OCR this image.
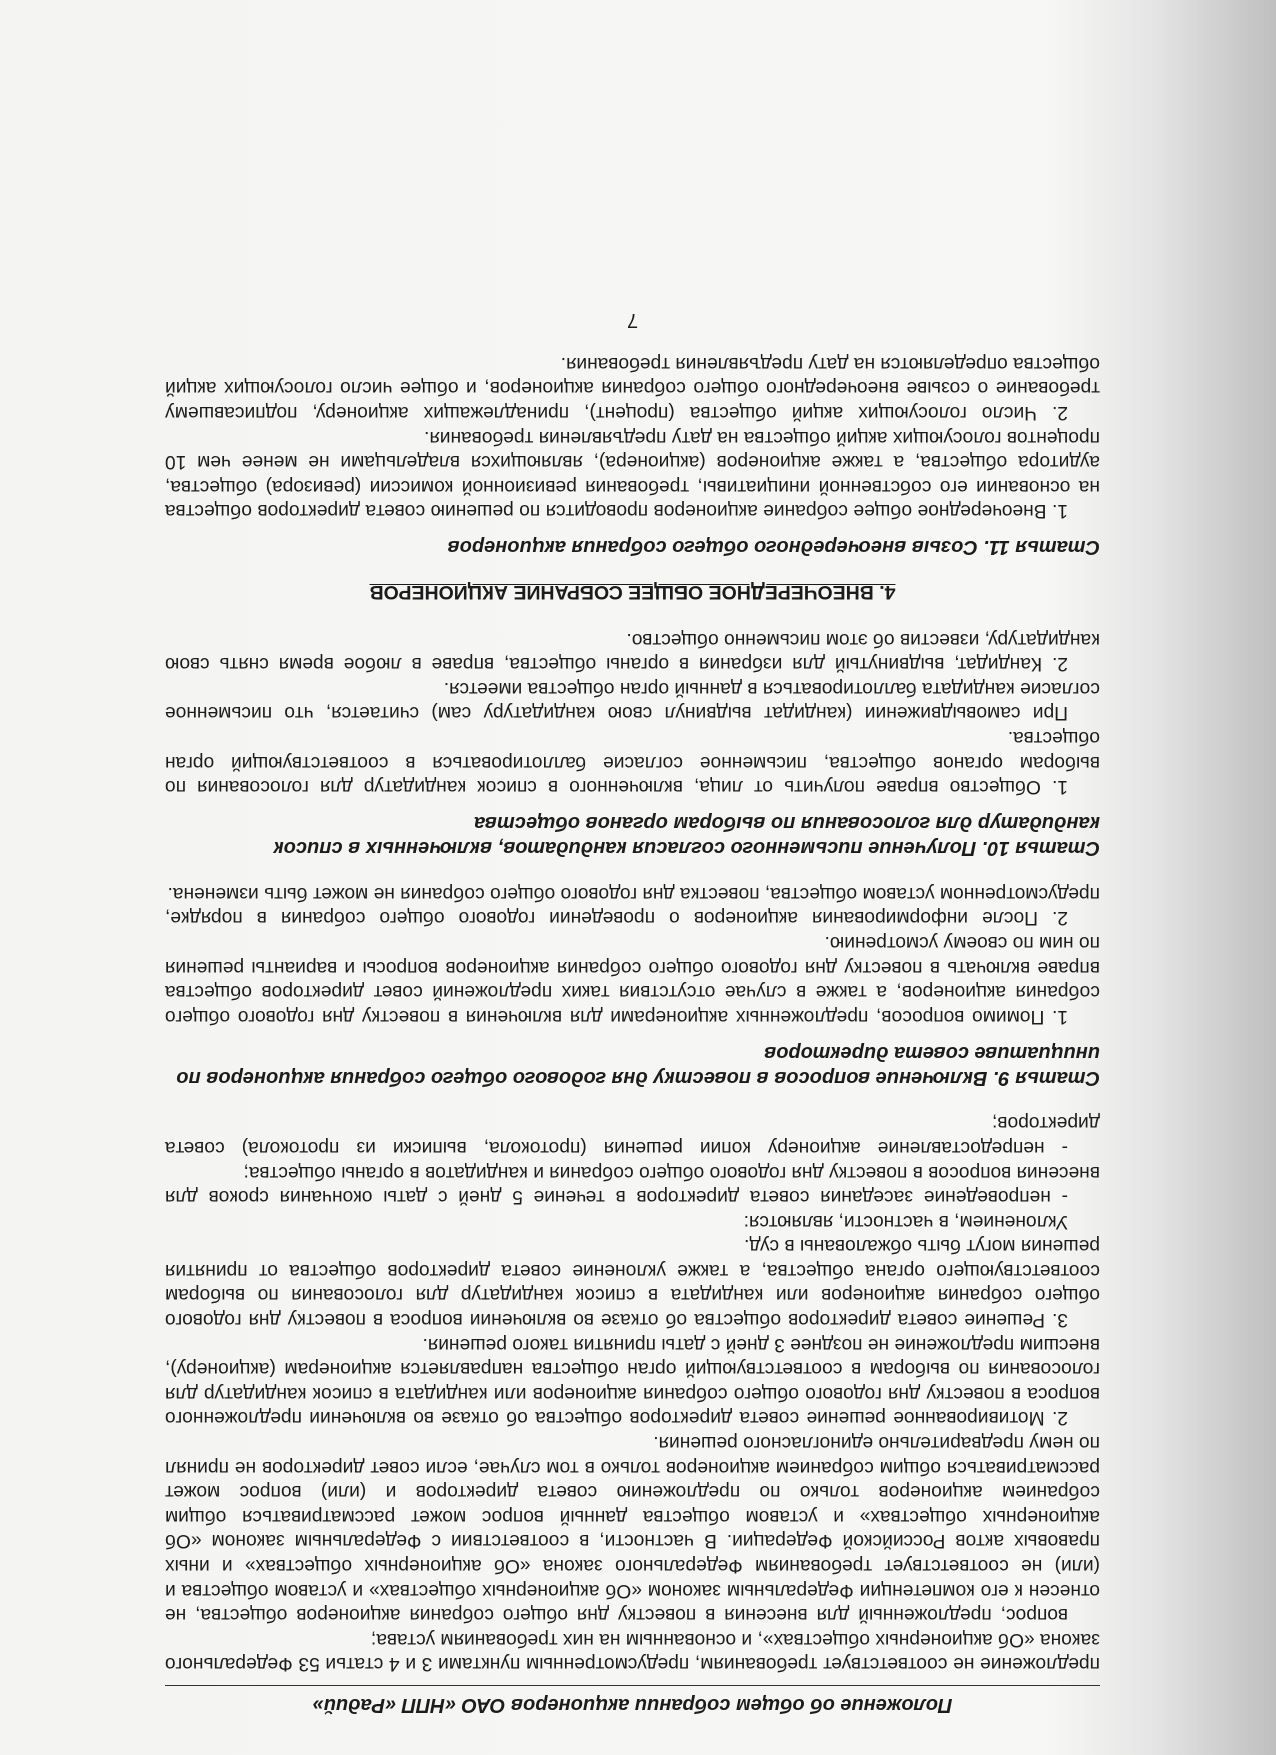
Положение об общем собрании акционеров ОАО «НПП «Радий»

предложение не соответствует требованиям, предусмотренным пунктами 3 и 4 статьи 53 Федерального закона «Об акционерных обществах», и основанным на них требованиям устава;

вопрос, предложенный для внесения в повестку дня общего собрания акционеров общества, не отнесен к его компетенции Федеральным законом «Об акционерных обществах» и уставом общества и (или) не соответствует требованиям Федерального закона «Об акционерных обществах» и иных правовых актов Российской Федерации. В частности, в соответствии с Федеральным законом «Об акционерных обществах» и уставом общества данный вопрос может рассматриваться общим собранием акционеров только по предложению совета директоров и (или) вопрос может рассматриваться общим собранием акционеров только в том случае, если совет директоров не принял по нему предварительно единогласного решения.

2. Мотивированное решение совета директоров общества об отказе во включении предложенного вопроса в повестку дня годового общего собрания акционеров или кандидата в список кандидатур для голосования по выборам в соответствующий орган общества направляется акционерам (акционеру), внесшим предложение не позднее 3 дней с даты принятия такого решения.

3. Решение совета директоров общества об отказе во включении вопроса в повестку дня годового общего собрания акционеров или кандидата в список кандидатур для голосования по выборам соответствующего органа общества, а также уклонение совета директоров общества от принятия решения могут быть обжалованы в суд.

Уклонением, в частности, являются:

- непроведение заседания совета директоров в течение 5 дней с даты окончания сроков для внесения вопросов в повестку дня годового общего собрания и кандидатов в органы общества;

- непредоставление акционеру копии решения (протокола, выписки из протокола) совета директоров;

Статья 9. Включение вопросов в повестку дня годового общего собрания акционеров по инициативе совета директоров

1. Помимо вопросов, предложенных акционерами для включения в повестку дня годового общего собрания акционеров, а также в случае отсутствия таких предложений совет директоров общества вправе включать в повестку дня годового общего собрания акционеров вопросы и варианты решения по ним по своему усмотрению.

2. После информирования акционеров о проведении годового общего собрания в порядке, предусмотренном уставом общества, повестка дня годового общего собрания не может быть изменена.

Статья 10. Получение письменного согласия кандидатов, включенных в список кандидатур для голосования по выборам органов общества

1. Общество вправе получить от лица, включенного в список кандидатур для голосования по выборам органов общества, письменное согласие баллотироваться в соответствующий орган общества.

При самовыдвижении (кандидат выдвинул свою кандидатуру сам) считается, что письменное согласие кандидата баллотироваться в данный орган общества имеется.

2. Кандидат, выдвинутый для избрания в органы общества, вправе в любое время снять свою кандидатуру, известив об этом письменно общество.

4. ВНЕОЧЕРЕДНОЕ ОБЩЕЕ СОБРАНИЕ АКЦИОНЕРОВ
Статья 11. Созыв внеочередного общего собрания акционеров

1. Внеочередное общее собрание акционеров проводится по решению совета директоров общества на основании его собственной инициативы, требования ревизионной комиссии (ревизора) общества, аудитора общества, а также акционеров (акционера), являющихся владельцами не менее чем 10 процентов голосующих акций общества на дату предъявления требования.

2. Число голосующих акций общества (процент), принадлежащих акционеру, подписавшему требование о созыве внеочередного общего собрания акционеров, и общее число голосующих акций общества определяются на дату предъявления требования.

7
